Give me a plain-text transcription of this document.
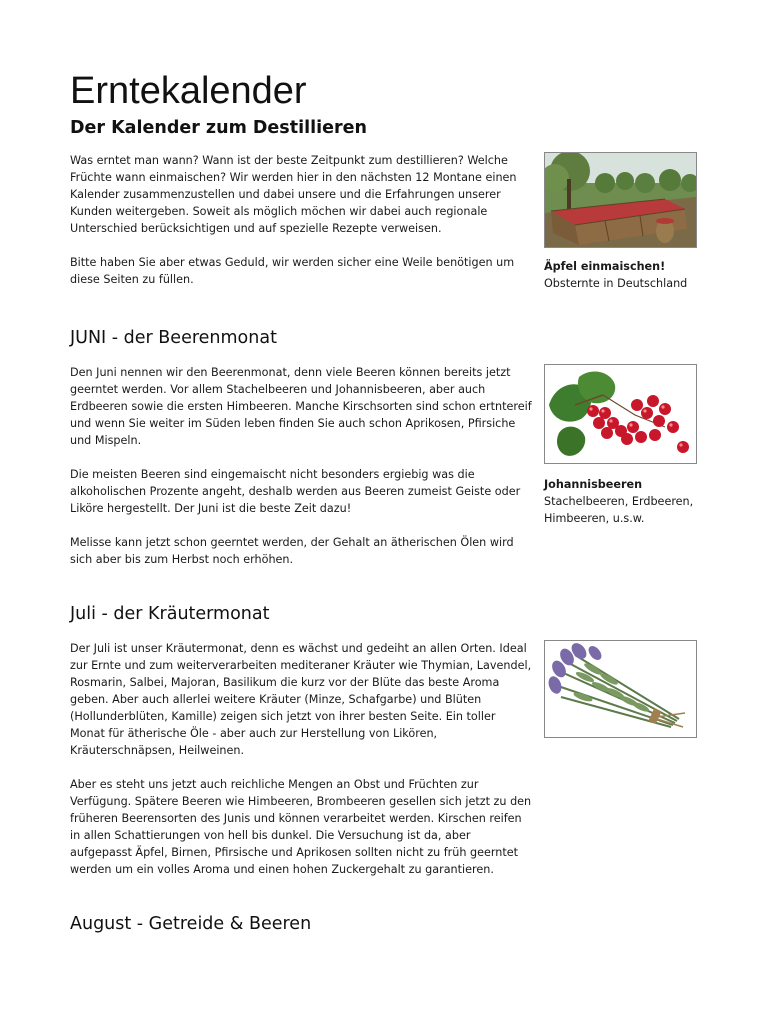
Erntekalender
Der Kalender zum Destillieren

Was erntet man wann? Wann ist der beste Zeitpunkt zum destillieren? Welche Früchte wann einmaischen? Wir werden hier in den nächsten 12 Montane einen Kalender zusammenzustellen und dabei unsere und die Erfahrungen unserer Kunden weitergeben. Soweit als möglich möchen wir dabei auch regionale Unterschied berücksichtigen und auf spezielle Rezepte verweisen.

Bitte haben Sie aber etwas Geduld, wir werden sicher eine Weile benötigen um diese Seiten zu füllen.

Äpfel einmaischen!
Obsternte in Deutschland
JUNI - der Beerenmonat

Den Juni nennen wir den Beerenmonat, denn viele Beeren können bereits jetzt geerntet werden. Vor allem Stachelbeeren und Johannisbeeren, aber auch Erdbeeren sowie die ersten Himbeeren. Manche Kirschsorten sind schon ertntereif und wenn Sie weiter im Süden leben finden Sie auch schon Aprikosen, Pfirsiche und Mispeln.

Die meisten Beeren sind eingemaischt nicht besonders ergiebig was die alkoholischen Prozente angeht, deshalb werden aus Beeren zumeist Geiste oder Liköre hergestellt. Der Juni ist die beste Zeit dazu!

Melisse kann jetzt schon geerntet werden, der Gehalt an ätherischen Ölen wird sich aber bis zum Herbst noch erhöhen.

Johannisbeeren
Stachelbeeren, Erdbeeren, Himbeeren, u.s.w.
Juli - der Kräutermonat

Der Juli ist unser Kräutermonat, denn es wächst und gedeiht an allen Orten. Ideal zur Ernte und zum weiterverarbeiten mediteraner Kräuter wie Thymian, Lavendel, Rosmarin, Salbei, Majoran, Basilikum die kurz vor der Blüte das beste Aroma geben. Aber auch allerlei weitere Kräuter (Minze, Schafgarbe) und Blüten (Hollunderblüten, Kamille) zeigen sich jetzt von ihrer besten Seite. Ein toller Monat für ätherische Öle - aber auch zur Herstellung von Likören, Kräuterschnäpsen, Heilweinen.

Aber es steht uns jetzt auch reichliche Mengen an Obst und Früchten zur Verfügung. Spätere Beeren wie Himbeeren, Brombeeren gesellen sich jetzt zu den früheren Beerensorten des Junis und können verarbeitet werden. Kirschen reifen in allen Schattierungen von hell bis dunkel. Die Versuchung ist da, aber aufgepasst Äpfel, Birnen, Pfirsische und Aprikosen sollten nicht zu früh geerntet werden um ein volles Aroma und einen hohen Zuckergehalt zu garantieren.

August - Getreide & Beeren
